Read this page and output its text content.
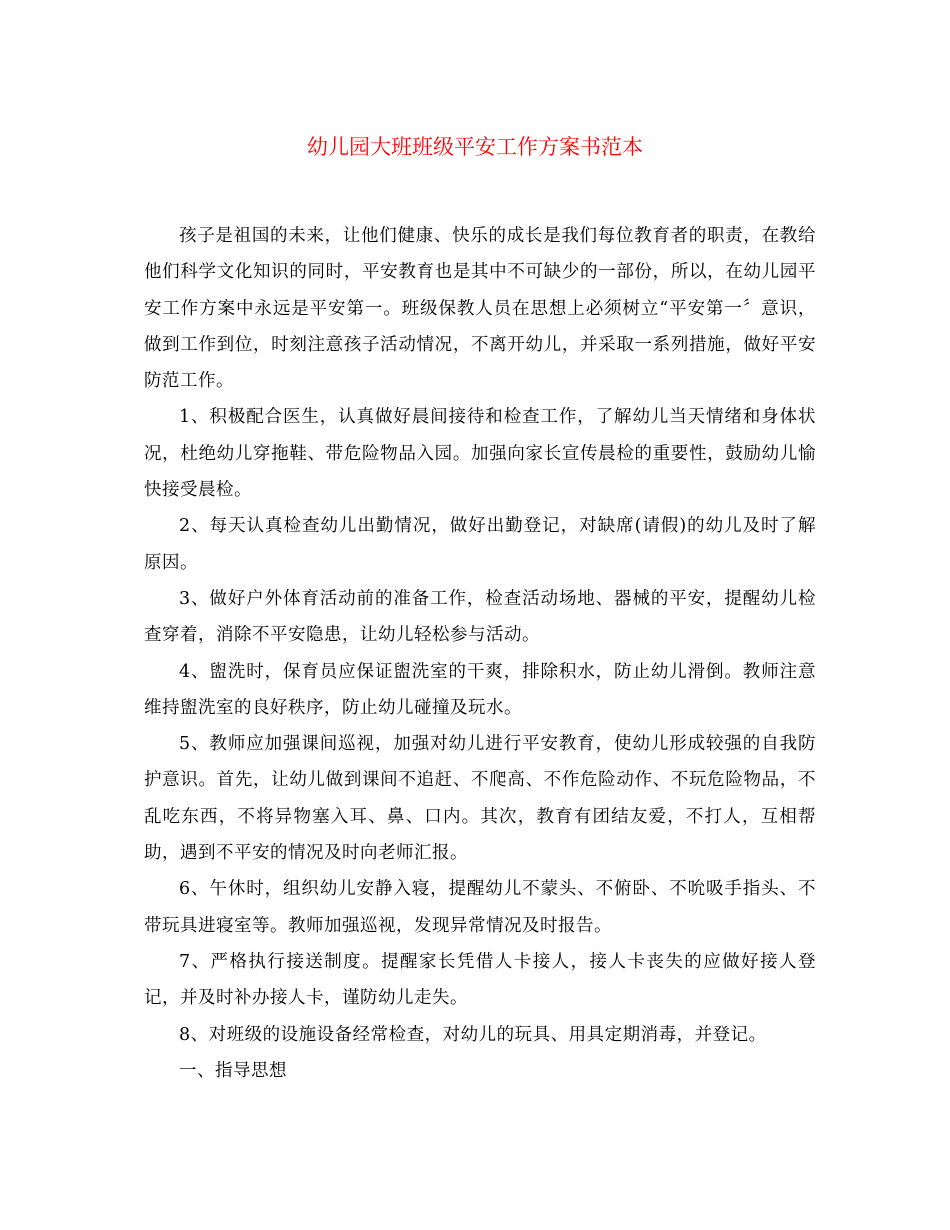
幼儿园大班班级平安工作方案书范本

孩子是祖国的未来，让他们健康、快乐的成长是我们每位教育者的职责，在教给他们科学文化知识的同时，平安教育也是其中不可缺少的一部份，所以，在幼儿园平安工作方案中永远是平安第一。班级保教人员在思想上必须树立“平安第一〞意识，做到工作到位，时刻注意孩子活动情况，不离开幼儿，并采取一系列措施，做好平安防范工作。

1、积极配合医生，认真做好晨间接待和检查工作，了解幼儿当天情绪和身体状况，杜绝幼儿穿拖鞋、带危险物品入园。加强向家长宣传晨检的重要性，鼓励幼儿愉快接受晨检。

2、每天认真检查幼儿出勤情况，做好出勤登记，对缺席(请假)的幼儿及时了解原因。

3、做好户外体育活动前的准备工作，检查活动场地、器械的平安，提醒幼儿检查穿着，消除不平安隐患，让幼儿轻松参与活动。

4、盥洗时，保育员应保证盥洗室的干爽，排除积水，防止幼儿滑倒。教师注意维持盥洗室的良好秩序，防止幼儿碰撞及玩水。

5、教师应加强课间巡视，加强对幼儿进行平安教育，使幼儿形成较强的自我防护意识。首先，让幼儿做到课间不追赶、不爬高、不作危险动作、不玩危险物品，不乱吃东西，不将异物塞入耳、鼻、口内。其次，教育有团结友爱，不打人，互相帮助，遇到不平安的情况及时向老师汇报。

6、午休时，组织幼儿安静入寝，提醒幼儿不蒙头、不俯卧、不吮吸手指头、不带玩具进寝室等。教师加强巡视，发现异常情况及时报告。

7、严格执行接送制度。提醒家长凭借人卡接人，接人卡丧失的应做好接人登记，并及时补办接人卡，谨防幼儿走失。

8、对班级的设施设备经常检查，对幼儿的玩具、用具定期消毒，并登记。

一、指导思想
